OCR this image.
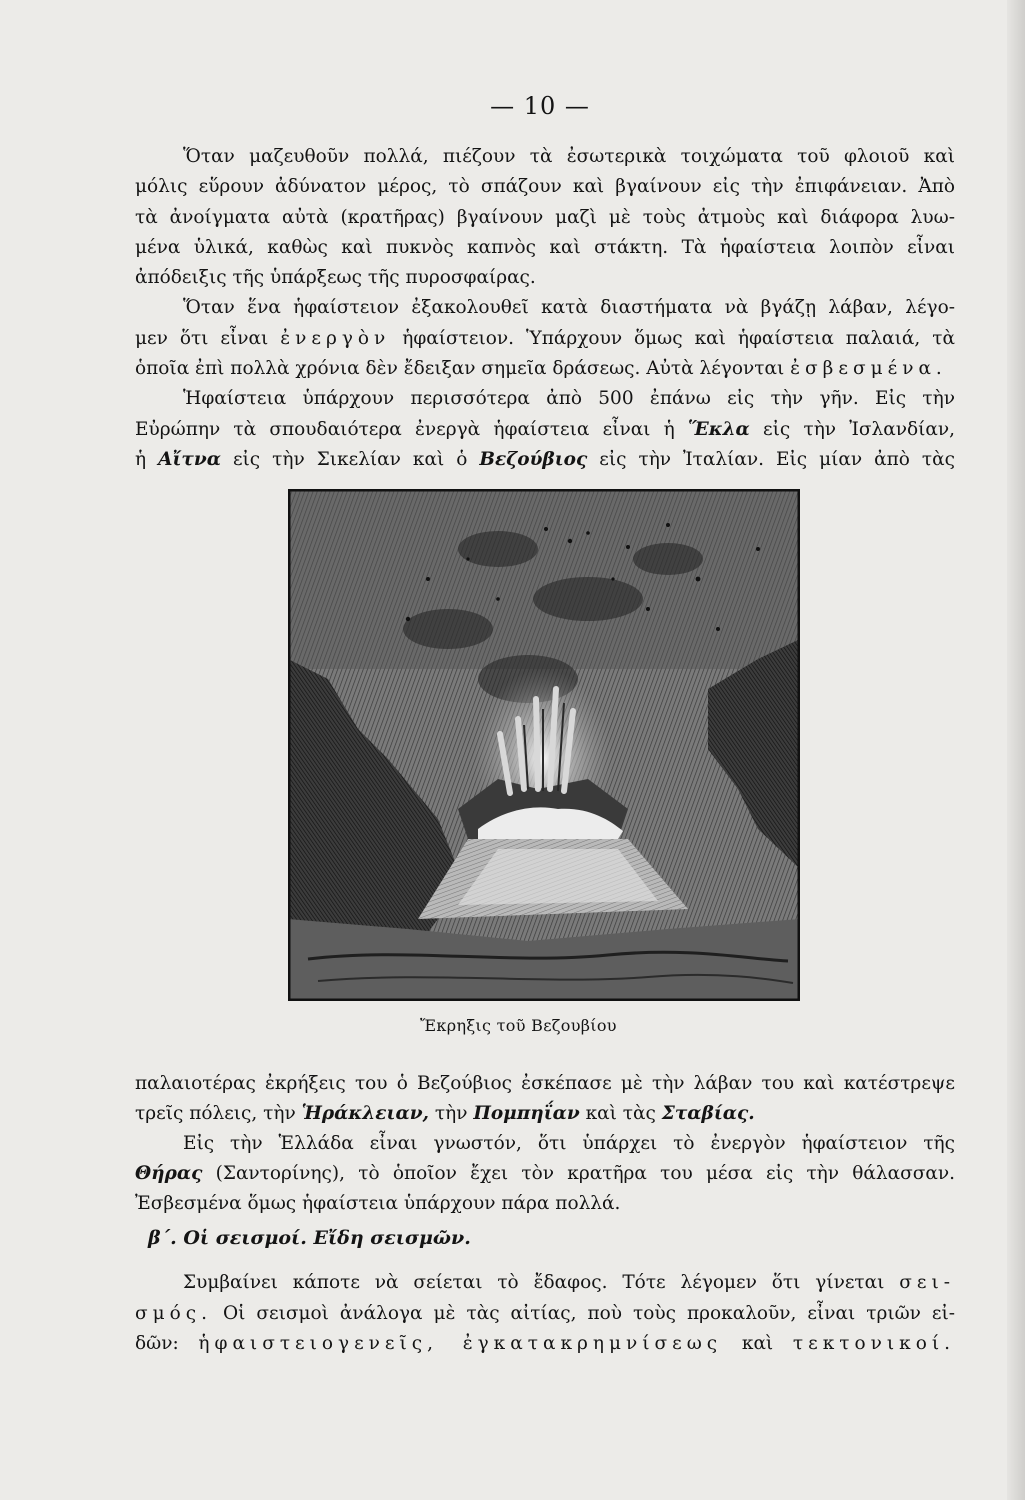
— 10 —

Ὅταν μαζευθοῦν πολλά, πιέζουν τὰ ἐσωτερικὰ τοιχώματα τοῦ φλοιοῦ καὶ

μόλις εὕρουν ἀδύνατον μέρος, τὸ σπάζουν καὶ βγαίνουν εἰς τὴν ἐπιφάνειαν. Ἀπὸ

τὰ ἀνοίγματα αὐτὰ (κρατῆρας) βγαίνουν μαζὶ μὲ τοὺς ἀτμοὺς καὶ διάφορα λυω-

μένα ὑλικά, καθὼς καὶ πυκνὸς καπνὸς καὶ στάκτη. Τὰ ἡφαίστεια λοιπὸν εἶναι

ἀπόδειξις τῆς ὑπάρξεως τῆς πυροσφαίρας.

Ὅταν ἕνα ἡφαίστειον ἐξακολουθεῖ κατὰ διαστήματα νὰ βγάζῃ λάβαν, λέγο-

μεν ὅτι εἶναι ἐνεργὸν ἡφαίστειον. Ὑπάρχουν ὅμως καὶ ἡφαίστεια παλαιά, τὰ

ὁποῖα ἐπὶ πολλὰ χρόνια δὲν ἔδειξαν σημεῖα δράσεως. Αὐτὰ λέγονται ἐσβεσμένα.

Ἡφαίστεια ὑπάρχουν περισσότερα ἀπὸ 500 ἐπάνω εἰς τὴν γῆν. Εἰς τὴν

Εὐρώπην τὰ σπουδαιότερα ἐνεργὰ ἡφαίστεια εἶναι ἡ Ἕκλα εἰς τὴν Ἰσλανδίαν,

ἡ Αἴτνα εἰς τὴν Σικελίαν καὶ ὁ Βεζούβιος εἰς τὴν Ἰταλίαν. Εἰς μίαν ἀπὸ τὰς

Ἔκρηξις τοῦ Βεζουβίου

παλαιοτέρας ἐκρήξεις του ὁ Βεζούβιος ἐσκέπασε μὲ τὴν λάβαν του καὶ κατέστρεψε

τρεῖς πόλεις, τὴν Ἡράκλειαν, τὴν Πομπηΐαν καὶ τὰς Σταβίας.

Εἰς τὴν Ἑλλάδα εἶναι γνωστόν, ὅτι ὑπάρχει τὸ ἐνεργὸν ἡφαίστειον τῆς

Θήρας (Σαντορίνης), τὸ ὁποῖον ἔχει τὸν κρατῆρα του μέσα εἰς τὴν θάλασσαν.

Ἐσβεσμένα ὅμως ἡφαίστεια ὑπάρχουν πάρα πολλά.

β΄. Οἱ σεισμοί. Εἴδη σεισμῶν.

Συμβαίνει κάποτε νὰ σείεται τὸ ἔδαφος. Τότε λέγομεν ὅτι γίνεται σει-

σμός. Οἱ σεισμοὶ ἀνάλογα μὲ τὰς αἰτίας, ποὺ τοὺς προκαλοῦν, εἶναι τριῶν εἰ-

δῶν: ἡφαιστειογενεῖς, ἐγκατακρημνίσεως καὶ τεκτονικοί.
